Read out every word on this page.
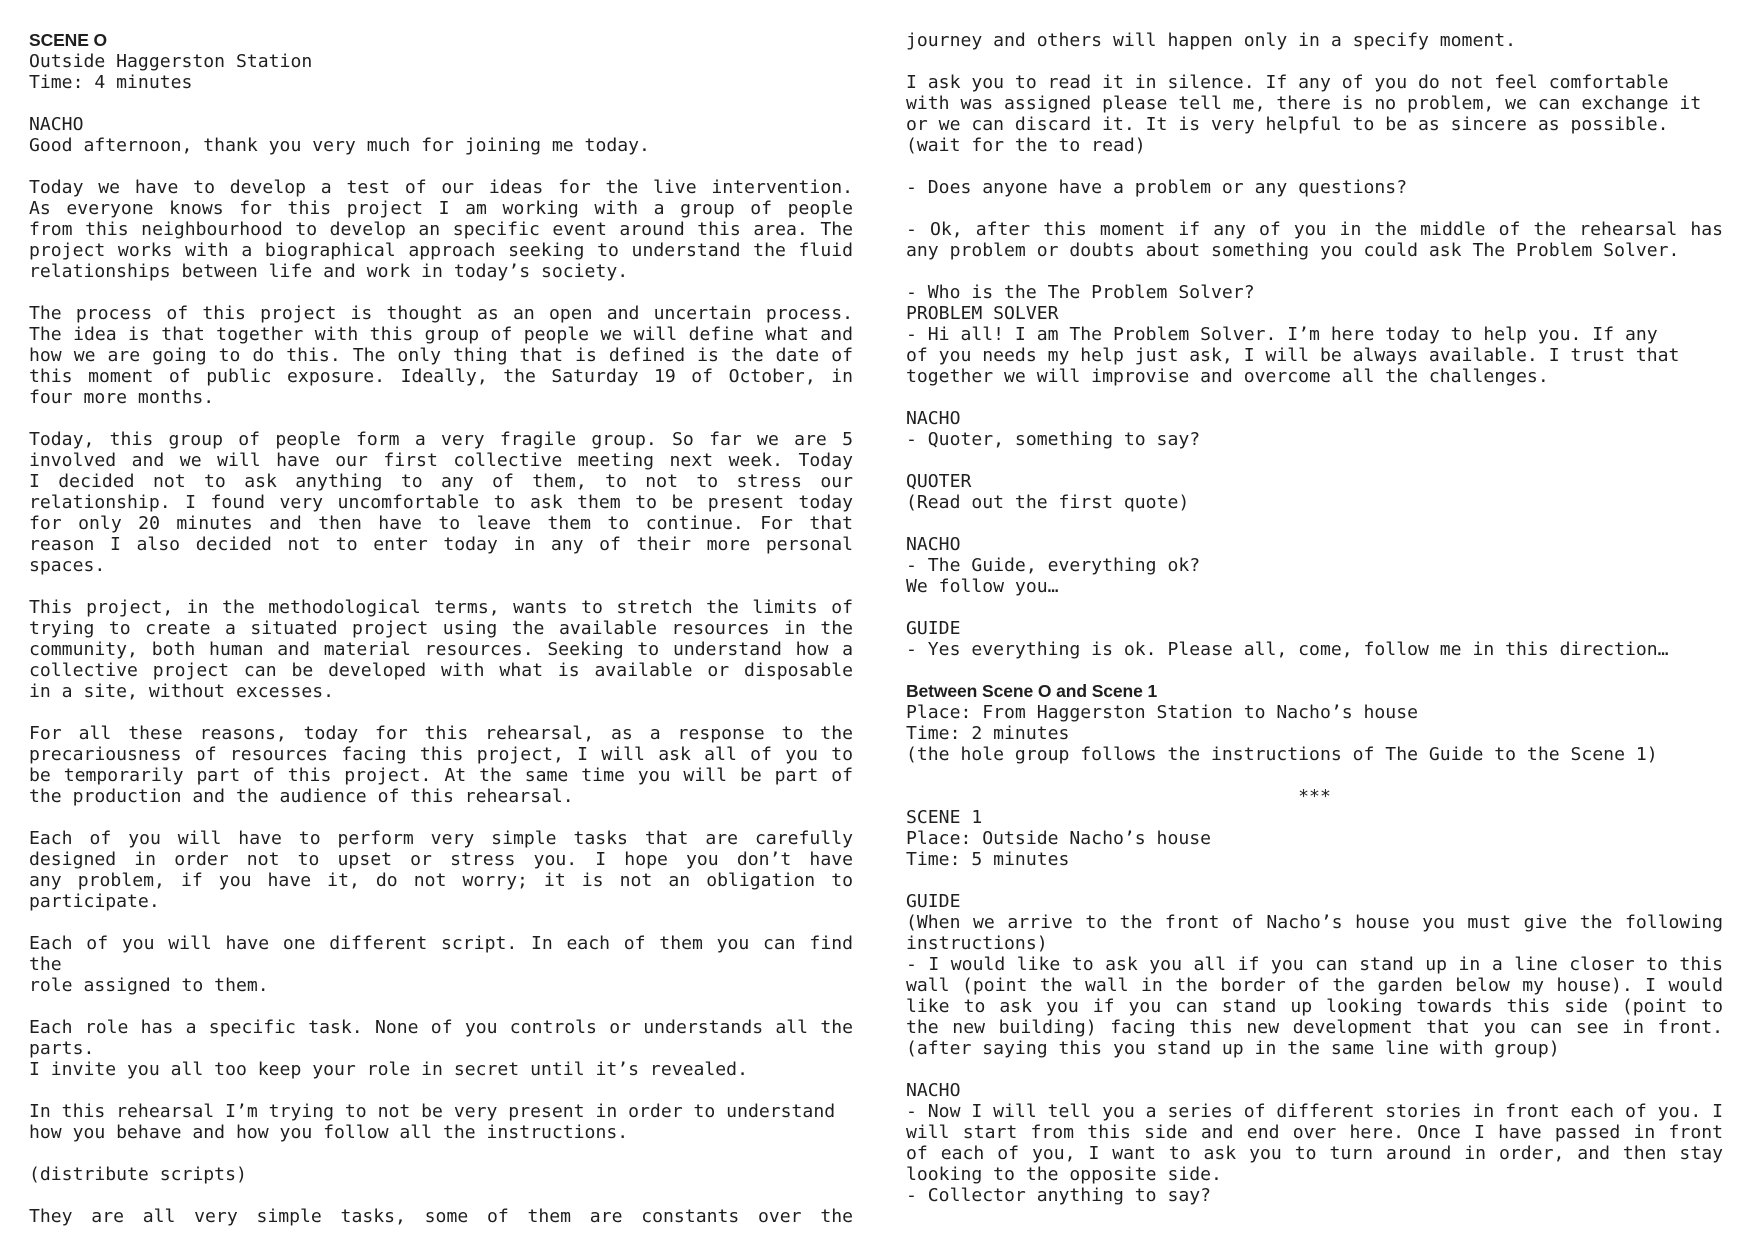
SCENE O
Outside Haggerston Station
Time: 4 minutes

NACHO
Good afternoon, thank you very much for joining me today.

Today we have to develop a test of our ideas for the live intervention.
As everyone knows for this project I am working with a group of people
from this neighbourhood to develop an specific event around this area. The
project works with a biographical approach seeking to understand the fluid
relationships between life and work in today’s society.

The process of this project is thought as an open and uncertain process.
The idea is that together with this group of people we will define what and
how we are going to do this. The only thing that is defined is the date of
this moment of public exposure. Ideally, the Saturday 19 of October, in
four more months.

Today, this group of people form a very fragile group. So far we are 5
involved and we will have our first collective meeting next week. Today
I decided not to ask anything to any of them, to not to stress our
relationship. I found very uncomfortable to ask them to be present today
for only 20 minutes and then have to leave them to continue. For that
reason I also decided not to enter today in any of their more personal
spaces.

This project, in the methodological terms, wants to stretch the limits of
trying to create a situated project using the available resources in the
community, both human and material resources. Seeking to understand how a
collective project can be developed with what is available or disposable
in a site, without excesses.

For all these reasons, today for this rehearsal, as a response to the
precariousness of resources facing this project, I will ask all of you to
be temporarily part of this project. At the same time you will be part of
the production and the audience of this rehearsal.

Each of you will have to perform very simple tasks that are carefully
designed in order not to upset or stress you. I hope you don’t have
any problem, if you have it, do not worry; it is not an obligation to
participate.

Each of you will have one different script. In each of them you can find the
role assigned to them.

Each role has a specific task. None of you controls or understands all the
parts.
I invite you all too keep your role in secret until it’s revealed.

In this rehearsal I’m trying to not be very present in order to understand
how you behave and how you follow all the instructions.

(distribute scripts)

They are all very simple tasks, some of them are constants over the

journey and others will happen only in a specify moment.

I ask you to read it in silence. If any of you do not feel comfortable
with was assigned please tell me, there is no problem, we can exchange it
or we can discard it. It is very helpful to be as sincere as possible.
(wait for the to read)

- Does anyone have a problem or any questions?

- Ok, after this moment if any of you in the middle of the rehearsal has
any problem or doubts about something you could ask The Problem Solver.

- Who is the The Problem Solver?
PROBLEM SOLVER
- Hi all! I am The Problem Solver. I’m here today to help you. If any
of you needs my help just ask, I will be always available. I trust that
together we will improvise and overcome all the challenges.

NACHO
- Quoter, something to say?

QUOTER
(Read out the first quote)

NACHO
- The Guide, everything ok?
We follow you…

GUIDE
- Yes everything is ok. Please all, come, follow me in this direction…

Between Scene O and Scene 1
Place: From Haggerston Station to Nacho’s house
Time: 2 minutes
(the hole group follows the instructions of The Guide to the Scene 1)

***

SCENE 1
Place: Outside Nacho’s house
Time: 5 minutes

GUIDE
(When we arrive to the front of Nacho’s house you must give the following
instructions)
- I would like to ask you all if you can stand up in a line closer to this
wall (point the wall in the border of the garden below my house). I would
like to ask you if you can stand up looking towards this side (point to
the new building) facing this new development that you can see in front.
(after saying this you stand up in the same line with group)

NACHO
- Now I will tell you a series of different stories in front each of you. I
will start from this side and end over here. Once I have passed in front
of each of you, I want to ask you to turn around in order, and then stay
looking to the opposite side.
- Collector anything to say?
